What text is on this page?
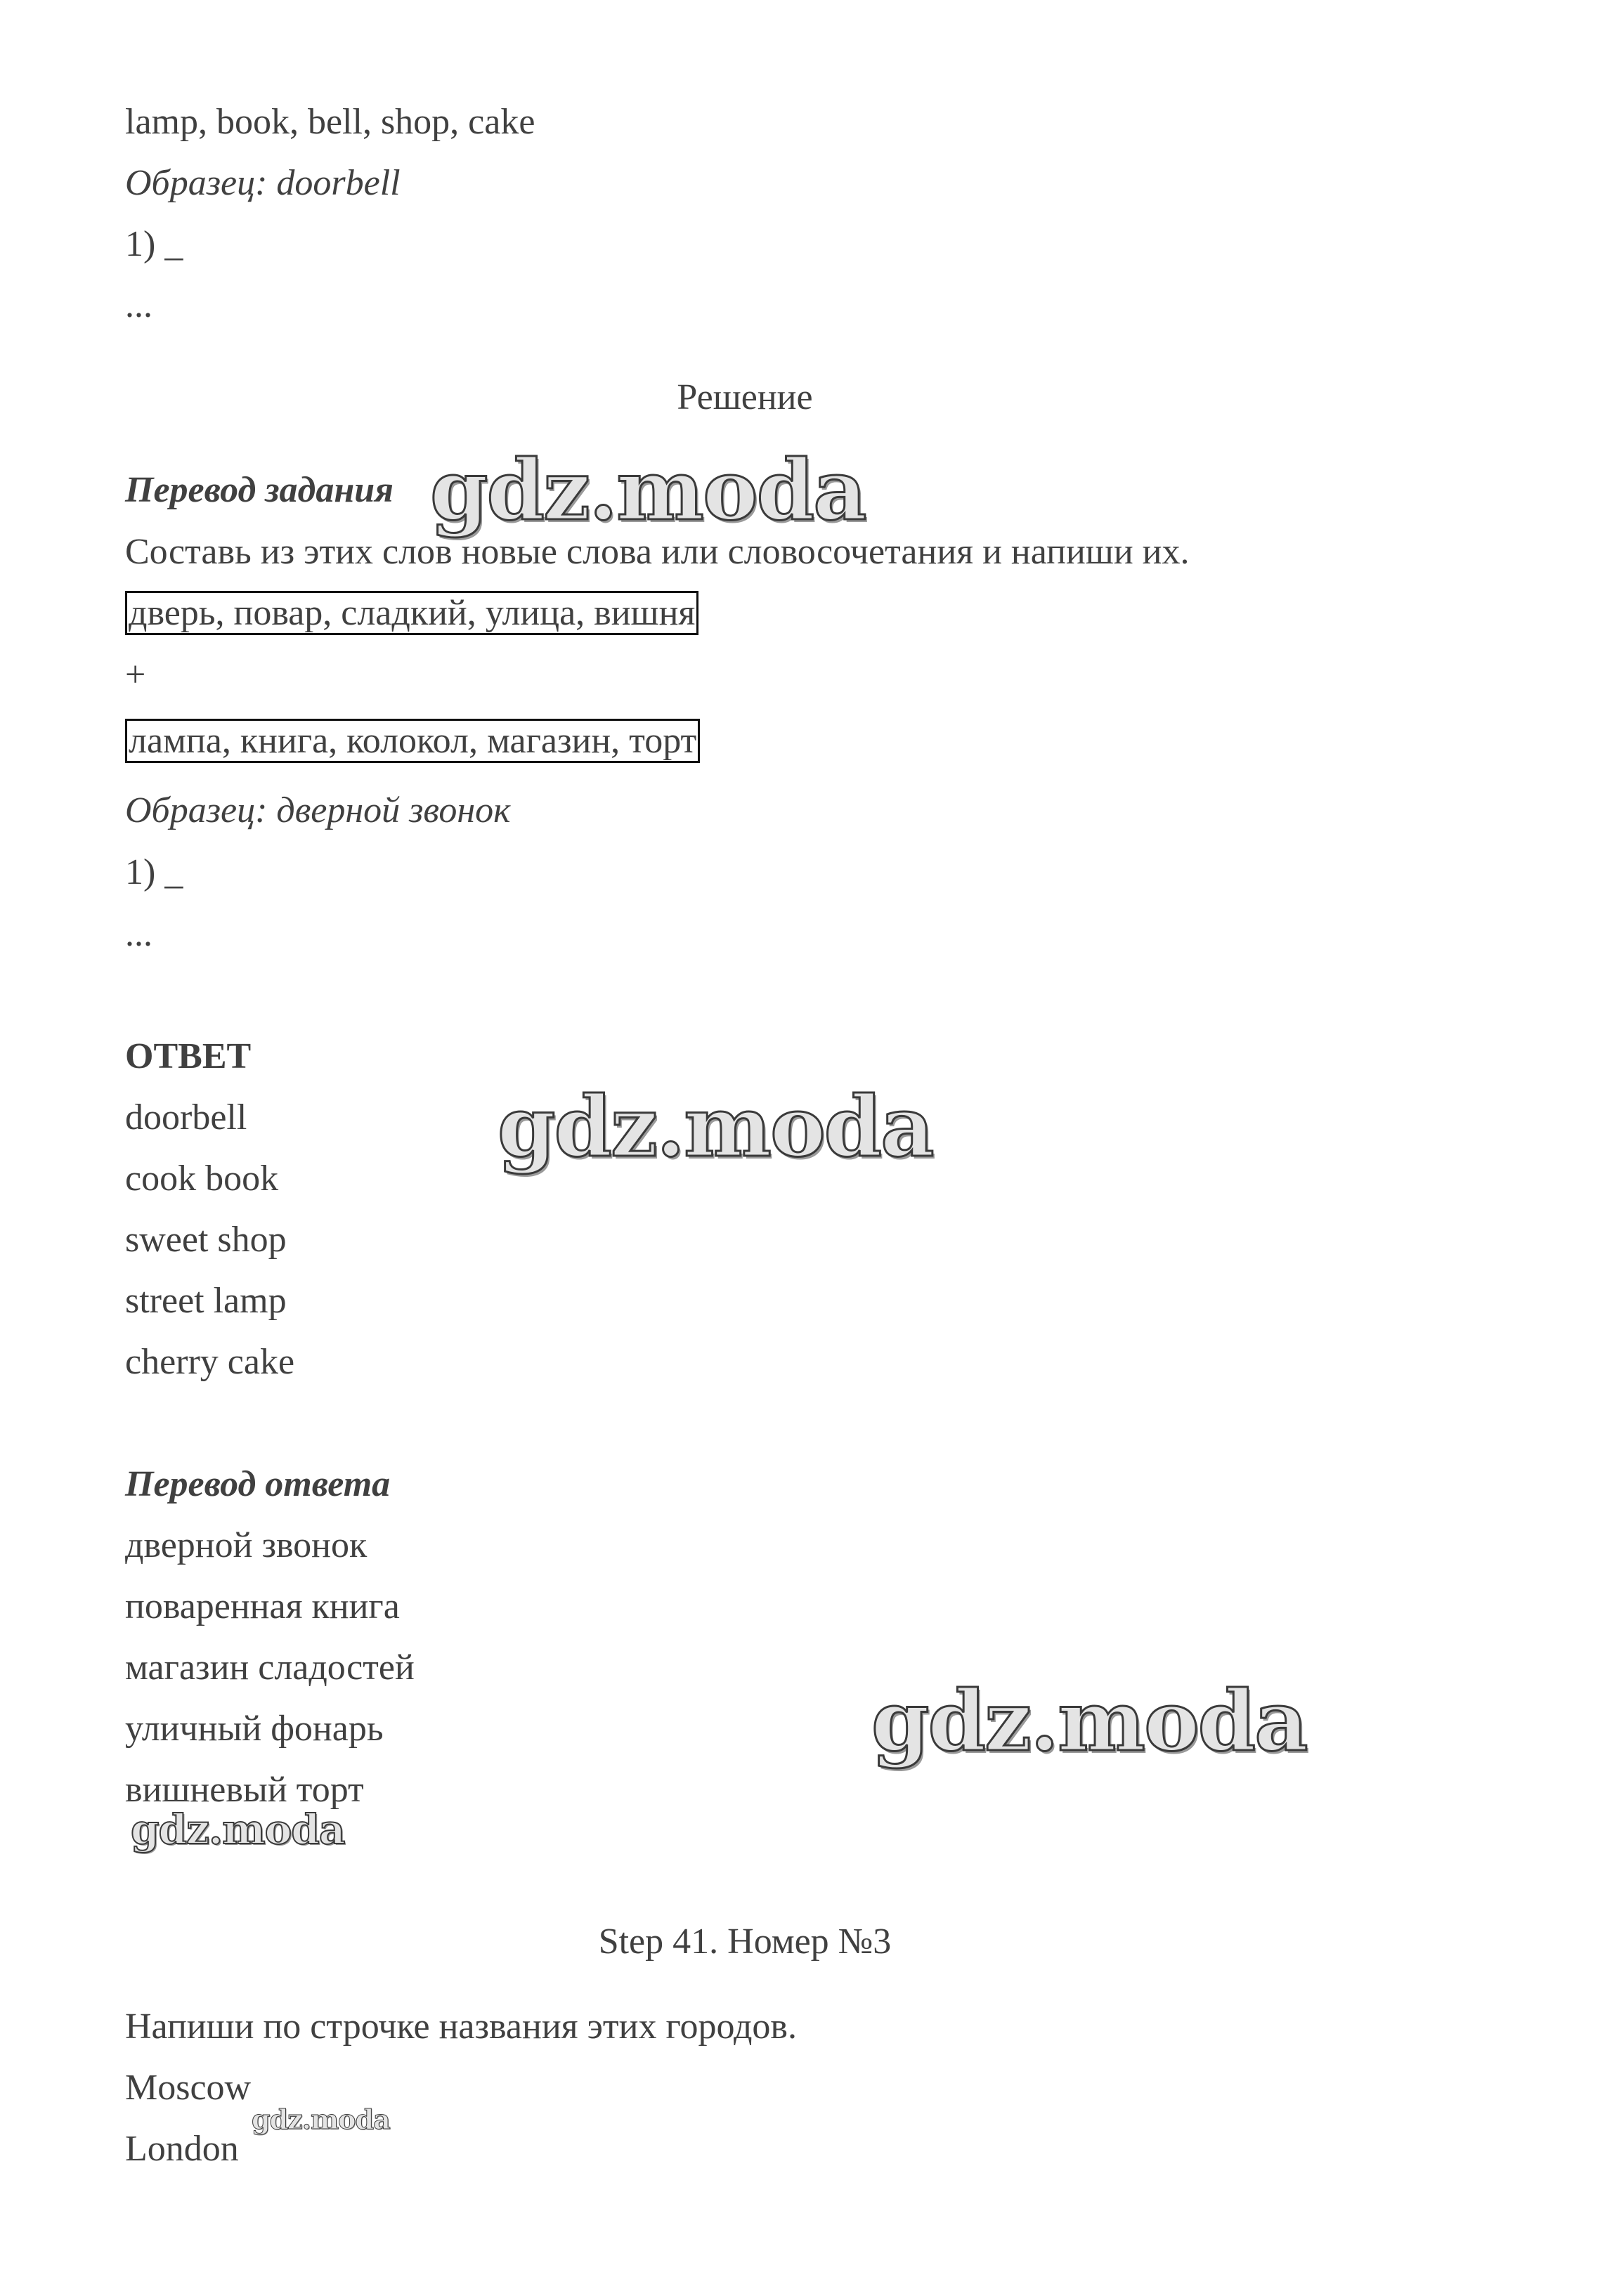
lamp, book, bell, shop, cake
Образец: doorbell
1) _
...
Решение
Перевод задания
Составь из этих слов новые слова или словосочетания и напиши их.
дверь, повар, сладкий, улица, вишня
+
лампа, книга, колокол, магазин, торт
Образец: дверной звонок
1) _
...
ОТВЕТ
doorbell
cook book
sweet shop
street lamp
cherry cake
Перевод ответа
дверной звонок
поваренная книга
магазин сладостей
уличный фонарь
вишневый торт
Step 41. Номер №3
Напиши по строчке названия этих городов.
Moscow
London
gdz.moda
gdz.moda
gdz.moda
gdz.moda
gdz.moda
